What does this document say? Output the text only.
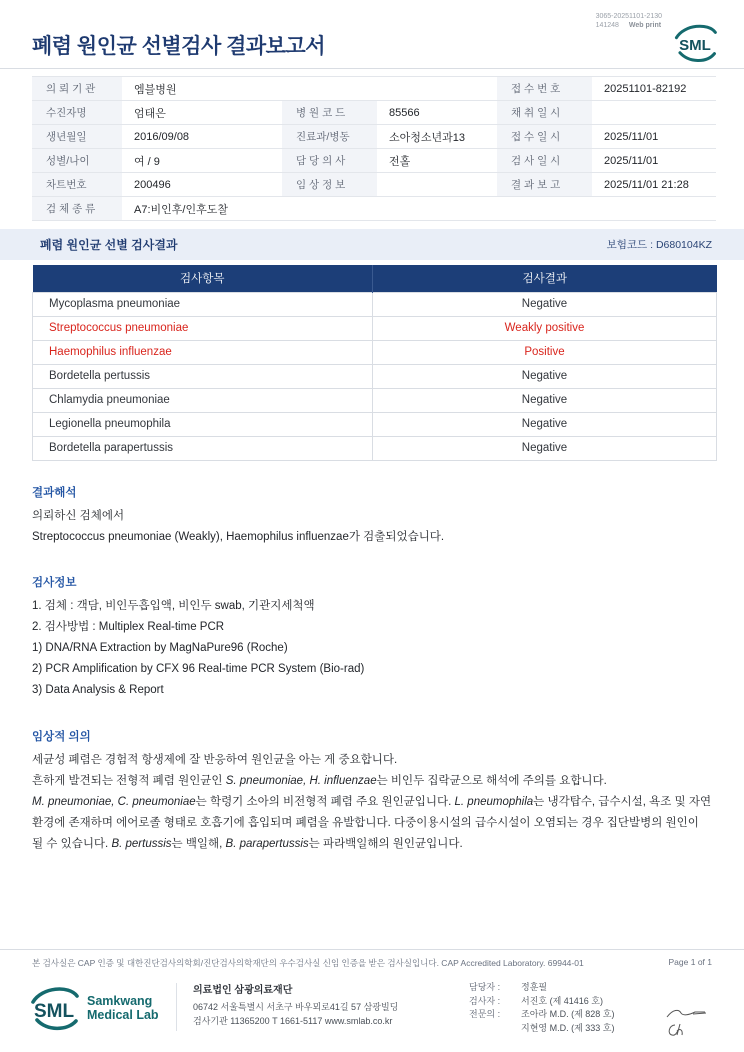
폐렴 원인균 선별검사 결과보고서
3065-20251101-2130
141248 Web print
SML
의 뢰 기 관	엠블병원			접 수 번 호	20251101-82192
수진자명	엄태은	병 원 코 드	85566	채 취 일 시	
생년월일	2016/09/08	진료과/병동	소아청소년과13	접 수 일 시	2025/11/01
성별/나이	여 / 9	담 당 의 사	전홀	검 사 일 시	2025/11/01
차트번호	200496	임 상 정 보		결 과 보 고	2025/11/01 21:28
검 체 종 류	A7:비인후/인후도찰				
폐렴 원인균 선별 검사결과	보험코드 : D680104KZ
검사항목	검사결과
Mycoplasma pneumoniae	Negative
Streptococcus pneumoniae	Weakly positive
Haemophilus influenzae	Positive
Bordetella pertussis	Negative
Chlamydia pneumoniae	Negative
Legionella pneumophila	Negative
Bordetella parapertussis	Negative
결과해석

의뢰하신 검체에서

Streptococcus pneumoniae (Weakly), Haemophilus influenzae가 검출되었습니다.

검사정보

1. 검체 : 객담, 비인두흡입액, 비인두 swab, 기관지세척액

2. 검사방법 : Multiplex Real-time PCR

1) DNA/RNA Extraction by MagNaPure96 (Roche)

2) PCR Amplification by CFX 96 Real-time PCR System (Bio-rad)

3) Data Analysis & Report

임상적 의의

세균성 폐렴은 경험적 항생제에 잘 반응하여 원인균을 아는 게 중요합니다.

흔하게 발견되는 전형적 폐렴 원인균인 S. pneumoniae, H. influenzae는 비인두 집락균으로 해석에 주의를 요합니다.

M. pneumoniae, C. pneumoniae는 학령기 소아의 비전형적 폐렴 주요 원인균입니다. L. pneumophila는 냉각탑수, 급수시설, 욕조 및 자연환경에 존재하며 에어로졸 형태로 호흡기에 흡입되며 폐렴을 유발합니다. 다중이용시설의 급수시설이 오염되는 경우 집단발병의 원인이 될 수 있습니다. B. pertussis는 백일해, B. parapertussis는 파라백일해의 원인균입니다.

본 검사실은 CAP 인증 및 대한진단검사의학회/진단검사의학재단의 우수검사실 신임 인증을 받은 검사실입니다. CAP Accredited Laboratory. 69944-01	Page 1 of 1
SML Samkwang
Medical Lab
의료법인 삼광의료재단
06742 서울특별시 서초구 바우뫼로41길 57 삼광빌딩
검사기관 11365200 T 1661-5117 www.smlab.co.kr
담당자 :	정훈필
검사자 :	서진호 (제 41416 호)
전문의 :	조아라 M.D. (제 828 호)
지현영 M.D. (제 333 호)
